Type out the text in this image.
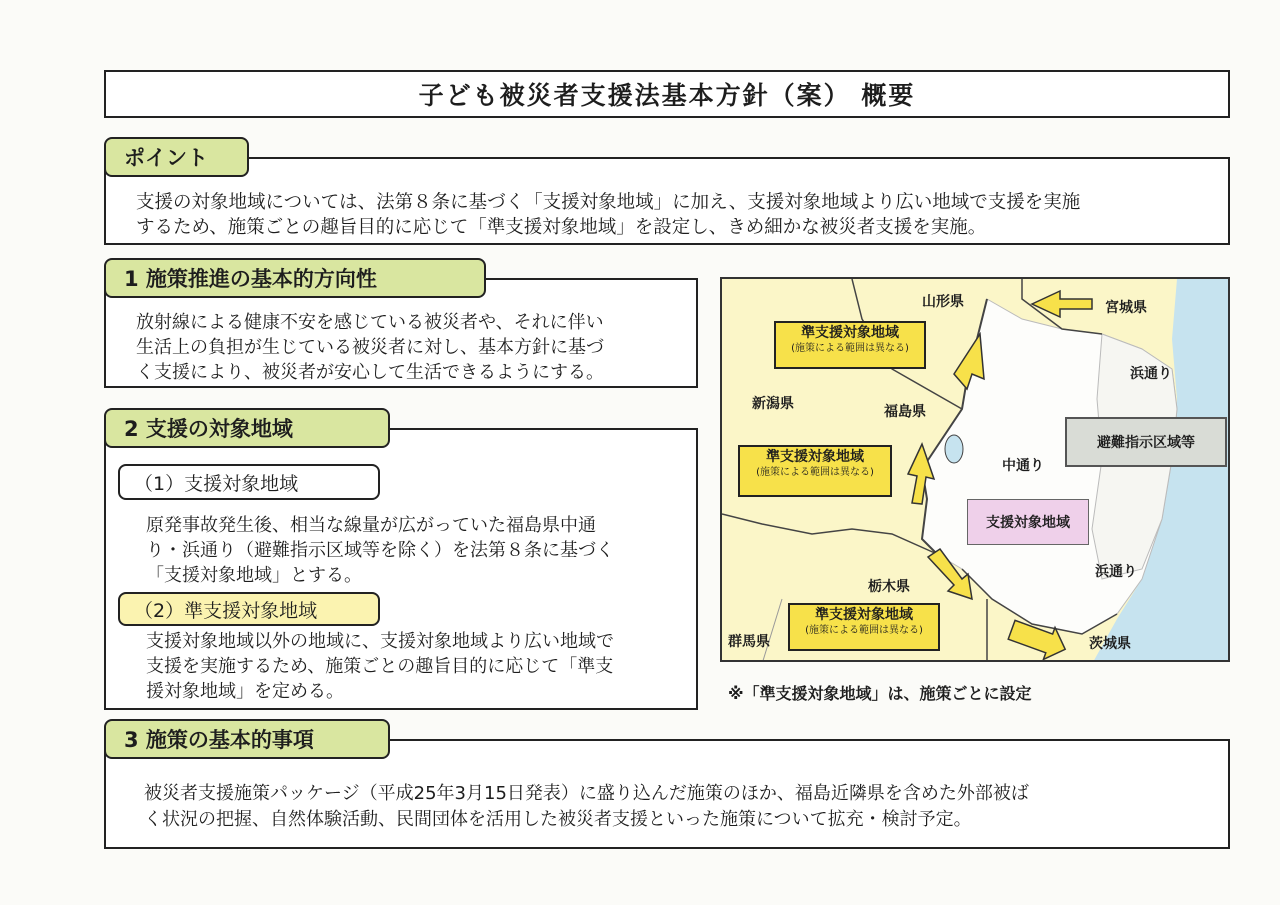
子ども被災者支援法基本方針（案） 概要
ポイント
支援の対象地域については、法第８条に基づく「支援対象地域」に加え、支援対象地域より広い地域で支援を実施
するため、施策ごとの趣旨目的に応じて「準支援対象地域」を設定し、きめ細かな被災者支援を実施。
1 施策推進の基本的方向性
放射線による健康不安を感じている被災者や、それに伴い
生活上の負担が生じている被災者に対し、基本方針に基づ
く支援により、被災者が安心して生活できるようにする。
2 支援の対象地域
（1）支援対象地域
原発事故発生後、相当な線量が広がっていた福島県中通
り・浜通り（避難指示区域等を除く）を法第８条に基づく
「支援対象地域」とする。
（2）準支援対象地域
支援対象地域以外の地域に、支援対象地域より広い地域で
支援を実施するため、施策ごとの趣旨目的に応じて「準支
援対象地域」を定める。
山形県	宮城県
浜通り
新潟県	福島県
中通り
浜通り
栃木県
群馬県	茨城県
準支援対象地域
(施策による範囲は異なる)
準支援対象地域
(施策による範囲は異なる)
準支援対象地域
(施策による範囲は異なる)
避難指示区域等
支援対象地域
※「準支援対象地域」は、施策ごとに設定
3 施策の基本的事項
被災者支援施策パッケージ（平成25年3月15日発表）に盛り込んだ施策のほか、福島近隣県を含めた外部被ば
く状況の把握、自然体験活動、民間団体を活用した被災者支援といった施策について拡充・検討予定。
